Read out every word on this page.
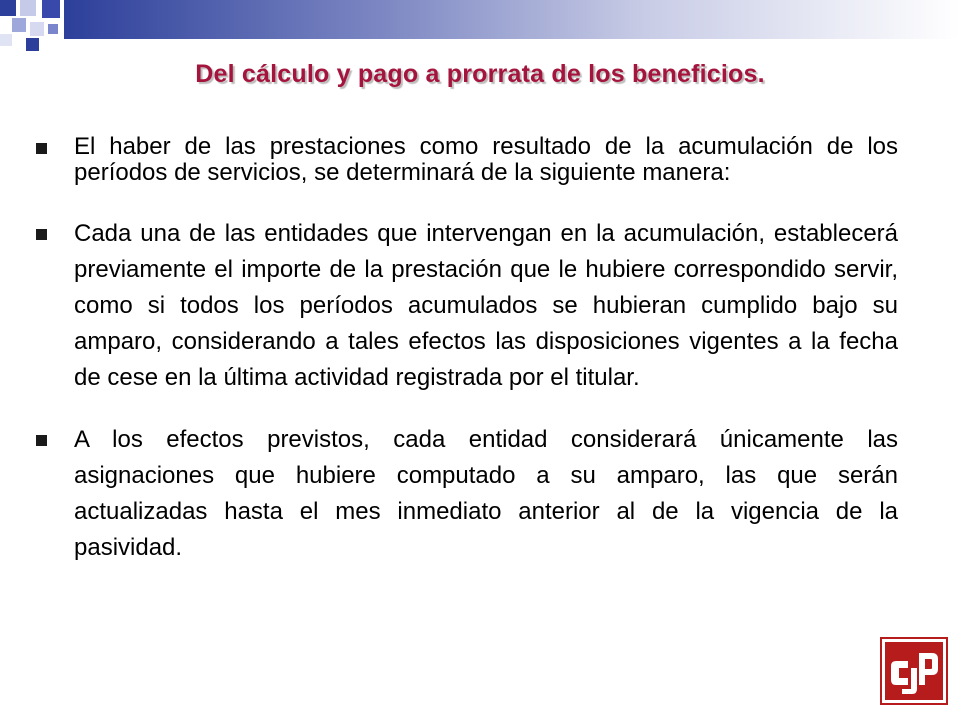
Del cálculo y pago a prorrata de los beneficios.
El haber de las prestaciones como resultado de la acumulación de los períodos de servicios, se determinará de la siguiente manera:
Cada una de las entidades que intervengan en la acumulación, establecerá previamente el importe de la prestación que le hubiere correspondido servir, como si todos los períodos acumulados se hubieran cumplido bajo su amparo, considerando a tales efectos las disposiciones vigentes a la fecha de cese en la última actividad registrada por el titular.
A los efectos previstos, cada entidad considerará únicamente las asignaciones que hubiere computado a su amparo, las que serán actualizadas hasta el mes inmediato anterior al de la vigencia de la pasividad.
